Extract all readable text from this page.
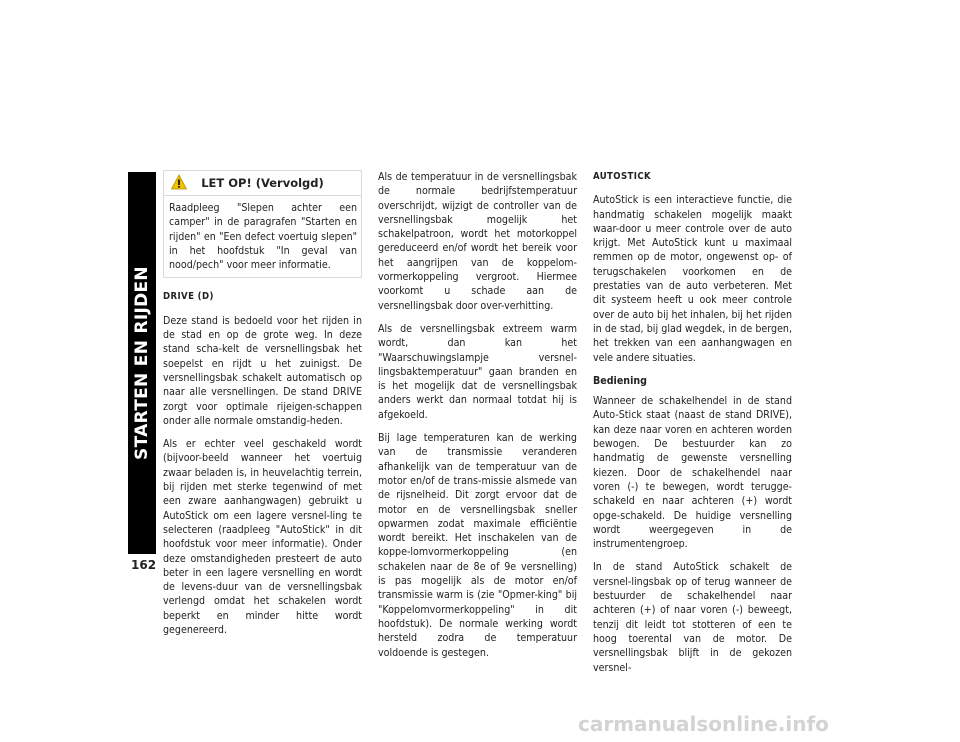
STARTEN EN RIJDEN
162
LET OP! (Vervolgd)
Raadpleeg "Slepen achter een camper" in de paragrafen "Starten en rijden" en "Een defect voertuig slepen" in het hoofdstuk "In geval van nood/pech" voor meer informatie.
DRIVE (D)

Deze stand is bedoeld voor het rijden in de stad en op de grote weg. In deze stand scha-kelt de versnellingsbak het soepelst en rijdt u het zuinigst. De versnellingsbak schakelt automatisch op naar alle versnellingen. De stand DRIVE zorgt voor optimale rijeigen-schappen onder alle normale omstandig-heden.

Als er echter veel geschakeld wordt (bijvoor-beeld wanneer het voertuig zwaar beladen is, in heuvelachtig terrein, bij rijden met sterke tegenwind of met een zware aanhangwagen) gebruikt u AutoStick om een lagere versnel-ling te selecteren (raadpleeg "AutoStick" in dit hoofdstuk voor meer informatie). Onder deze omstandigheden presteert de auto beter in een lagere versnelling en wordt de levens-duur van de versnellingsbak verlengd omdat het schakelen wordt beperkt en minder hitte wordt gegenereerd.

Als de temperatuur in de versnellingsbak de normale bedrijfstemperatuur overschrijdt, wijzigt de controller van de versnellingsbak mogelijk het schakelpatroon, wordt het motorkoppel gereduceerd en/of wordt het bereik voor het aangrijpen van de koppelom-vormerkoppeling vergroot. Hiermee voorkomt u schade aan de versnellingsbak door over-verhitting.

Als de versnellingsbak extreem warm wordt, dan kan het "Waarschuwingslampje versnel-lingsbaktemperatuur" gaan branden en is het mogelijk dat de versnellingsbak anders werkt dan normaal totdat hij is afgekoeld.

Bij lage temperaturen kan de werking van de transmissie veranderen afhankelijk van de temperatuur van de motor en/of de trans-missie alsmede van de rijsnelheid. Dit zorgt ervoor dat de motor en de versnellingsbak sneller opwarmen zodat maximale efficiëntie wordt bereikt. Het inschakelen van de koppe-lomvormerkoppeling (en schakelen naar de 8e of 9e versnelling) is pas mogelijk als de motor en/of transmissie warm is (zie "Opmer-king" bij "Koppelomvormerkoppeling" in dit hoofdstuk). De normale werking wordt hersteld zodra de temperatuur voldoende is gestegen.

AUTOSTICK

AutoStick is een interactieve functie, die handmatig schakelen mogelijk maakt waar-door u meer controle over de auto krijgt. Met AutoStick kunt u maximaal remmen op de motor, ongewenst op- of terugschakelen voorkomen en de prestaties van de auto verbeteren. Met dit systeem heeft u ook meer controle over de auto bij het inhalen, bij het rijden in de stad, bij glad wegdek, in de bergen, het trekken van een aanhangwagen en vele andere situaties.

Bediening

Wanneer de schakelhendel in de stand Auto-Stick staat (naast de stand DRIVE), kan deze naar voren en achteren worden bewogen. De bestuurder kan zo handmatig de gewenste versnelling kiezen. Door de schakelhendel naar voren (-) te bewegen, wordt terugge-schakeld en naar achteren (+) wordt opge-schakeld. De huidige versnelling wordt weergegeven in de instrumentengroep.

In de stand AutoStick schakelt de versnel-lingsbak op of terug wanneer de bestuurder de schakelhendel naar achteren (+) of naar voren (-) beweegt, tenzij dit leidt tot stotteren of een te hoog toerental van de motor. De versnellingsbak blijft in de gekozen versnel-

carmanualsonline.info
